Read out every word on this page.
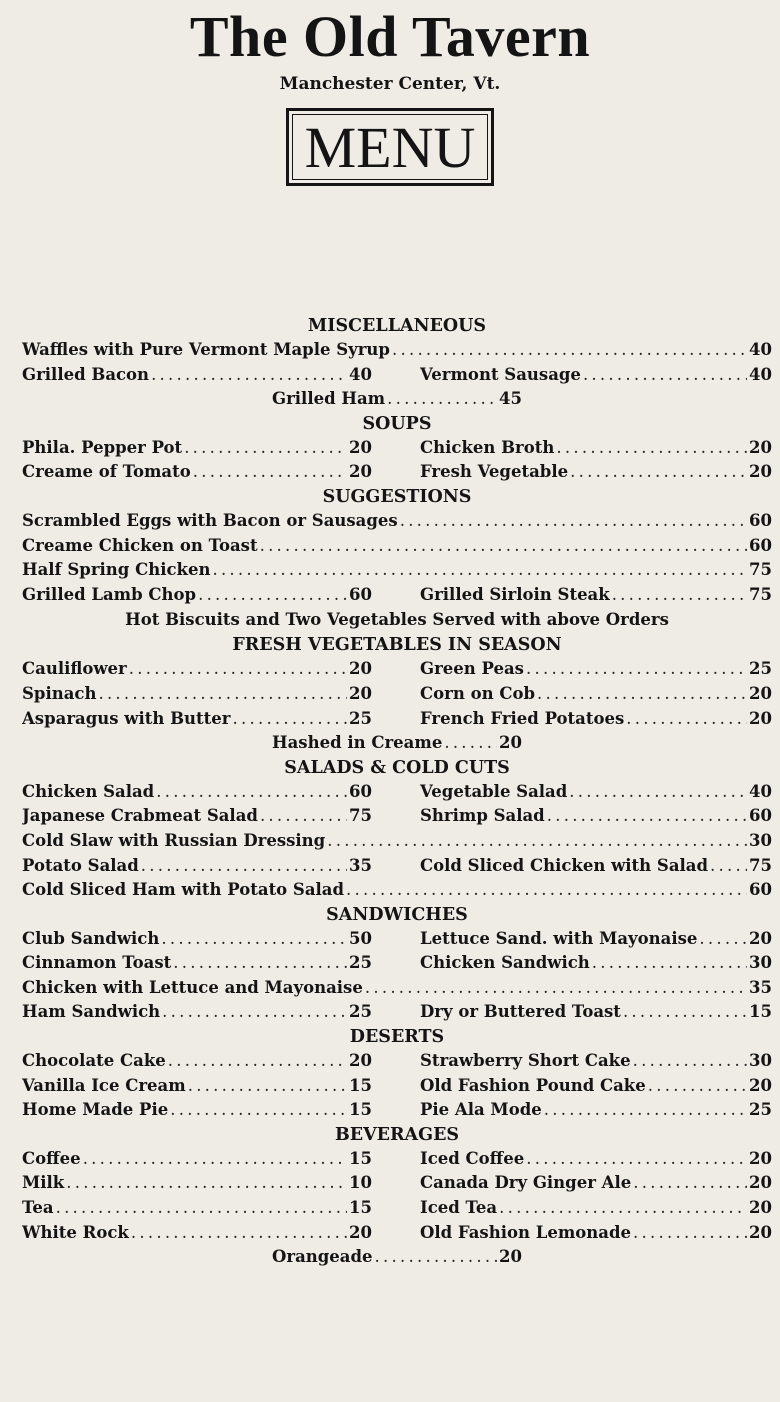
The Old Tavern
Manchester Center, Vt.
MENU
MISCELLANEOUS
Waffles with Pure Vermont Maple Syrup . . .	40
Grilled Bacon . . .	40	Vermont Sausage . . .	40
Grilled Ham . . .	45
SOUPS
Phila. Pepper Pot . . .	20	Chicken Broth . . .	20
Creame of Tomato . . .	20	Fresh Vegetable . . .	20
SUGGESTIONS
Scrambled Eggs with Bacon or Sausages . . .	60
Creame Chicken on Toast . . .	60
Half Spring Chicken . . .	75
Grilled Lamb Chop . . .	60	Grilled Sirloin Steak . . .	75
Hot Biscuits and Two Vegetables Served with above Orders
FRESH VEGETABLES IN SEASON
Cauliflower . . .	20	Green Peas . . .	25
Spinach . . .	20	Corn on Cob . . .	20
Asparagus with Butter . . .	25	French Fried Potatoes . . .	20
Hashed in Creame . . .	20
SALADS & COLD CUTS
Chicken Salad . . .	60	Vegetable Salad . . .	40
Japanese Crabmeat Salad . . .	75	Shrimp Salad . . .	60
Cold Slaw with Russian Dressing . . .	30
Potato Salad . . .	35	Cold Sliced Chicken with Salad . . . 75
Cold Sliced Ham with Potato Salad . . .	60
SANDWICHES
Club Sandwich . . .	50	Lettuce Sand. with Mayonaise . . .	20
Cinnamon Toast . . .	25	Chicken Sandwich . . .	30
Chicken with Lettuce and Mayonaise . . .	35
Ham Sandwich . . .	25	Dry or Buttered Toast . . .	15
DESERTS
Chocolate Cake . . .	20	Strawberry Short Cake . . .	30
Vanilla Ice Cream . . .	15	Old Fashion Pound Cake . . .	20
Home Made Pie . . .	15	Pie Ala Mode . . .	25
BEVERAGES
Coffee . . .	15	Iced Coffee . . .	20
Milk . . .	10	Canada Dry Ginger Ale . . .	20
Tea . . .	15	Iced Tea . . .	20
White Rock . . .	20	Old Fashion Lemonade . . .	20
Orangeade . . .	20
